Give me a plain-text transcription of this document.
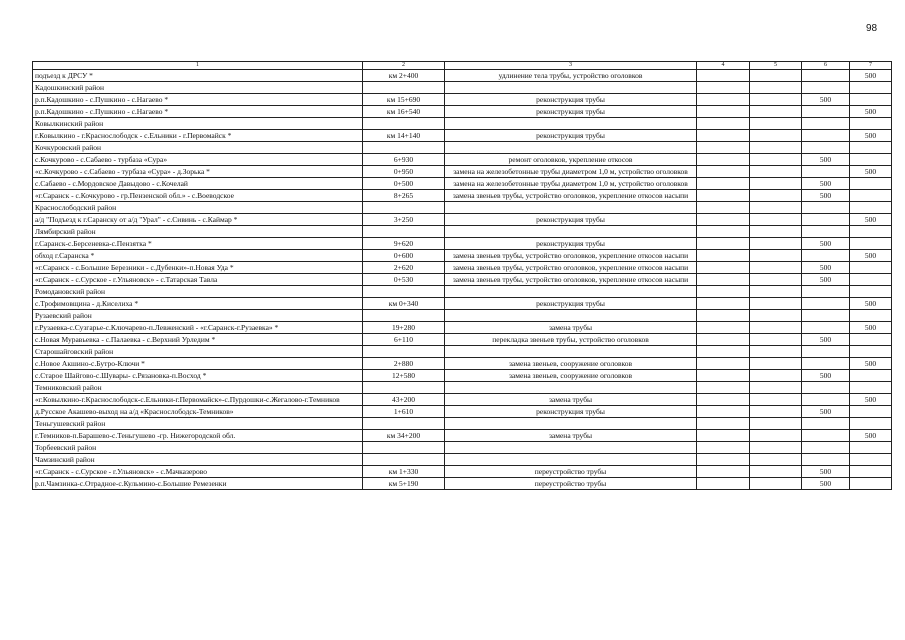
98
1	2	3	4	5	6	7
подъезд к ДРСУ *	км 2+400	удлинение тела трубы, устройство оголовков				500
Кадошкинский район						
р.п.Кадошкино - с.Пушкино - с.Нагаево *	км 15+690	реконструкция трубы			500	
р.п.Кадошкино - с.Пушкино - с.Нагаево *	км 16+540	реконструкция трубы				500
Ковылкинский район						
г.Ковылкино - г.Краснослободск - с.Ельники - г.Первомайск *	км 14+140	реконструкция трубы				500
Кочкуровский район						
с.Кочкурово - с.Сабаево - турбаза «Сура»	6+930	ремонт оголовков, укрепление откосов			500	
«с.Кочкурово - с.Сабаево - турбаза «Сура» - д.Зорька *	0+950	замена на железобетонные трубы диаметром 1,0 м, устройство оголовков				500
с.Сабаево - с.Мордовское Давыдово - с.Кочелай	0+500	замена на железобетонные трубы диаметром 1,0 м, устройство оголовков			500	
«г.Саранск - с.Кочкурово - гр.Пензенской обл.» - с.Воеводское	8+265	замена звеньев трубы, устройство оголовков, укрепление откосов насыпи			500	
Краснослободский район						
а/д "Подъезд к г.Саранску от а/д "Урал" - с.Сивинь - с.Каймар *	3+250	реконструкция трубы				500
Лямбирский район						
г.Саранск-с.Берсеневка-с.Пензятка *	9+620	реконструкция трубы			500	
обход г.Саранска *	0+600	замена звеньев трубы, устройство оголовков, укрепление откосов насыпи				500
«г.Саранск - с.Большие Березники - с.Дубенки»-п.Новая Уда *	2+620	замена звеньев трубы, устройство оголовков, укрепление откосов насыпи			500	
«г.Саранск - с.Сурское - г.Ульяновск» - с.Татарская Тавла	0+530	замена звеньев трубы, устройство оголовков, укрепление откосов насыпи			500	
Ромодановский район						
с.Трофимовщина - д.Киселиха *	км 0+340	реконструкция трубы				500
Рузаевский район						
г.Рузаевка-с.Сузгарье-с.Ключарево-п.Левженский - «г.Саранск-г.Рузаевка» *	19+280	замена трубы				500
с.Новая Муравьевка - с.Палаевка - с.Верхний Урледим *	6+110	перекладка звеньев трубы, устройство оголовков			500	
Старошайговский район						
с.Новое Акшино-с.Бутро-Ключи *	2+880	замена звеньев, сооружение оголовков				500
с.Старое Шайгово-с.Шувары- с.Рязановка-п.Восход *	12+580	замена звеньев, сооружение оголовков			500	
Темниковский район						
«г.Ковылкино-г.Краснослободск-с.Ельники-г.Первомайск»-с.Пурдошки-с.Жегалово-г.Темников	43+200	замена трубы				500
д.Русское Акашево-выход на а/д «Краснослободск-Темников»	1+610	реконструкция трубы			500	
Теньгушевский район						
г.Темников-п.Барашево-с.Теньгушево -гр. Нижегородской обл.	км 34+200	замена трубы				500
Торбеевский район						
Чамзинский район						
«г.Саранск - с.Сурское - г.Ульяновск» - с.Мачказерово	км 1+330	переустройство трубы			500	
р.п.Чамзинка-с.Отрадное-с.Кульмино-с.Большие Ремезенки	км 5+190	переустройство трубы			500	
